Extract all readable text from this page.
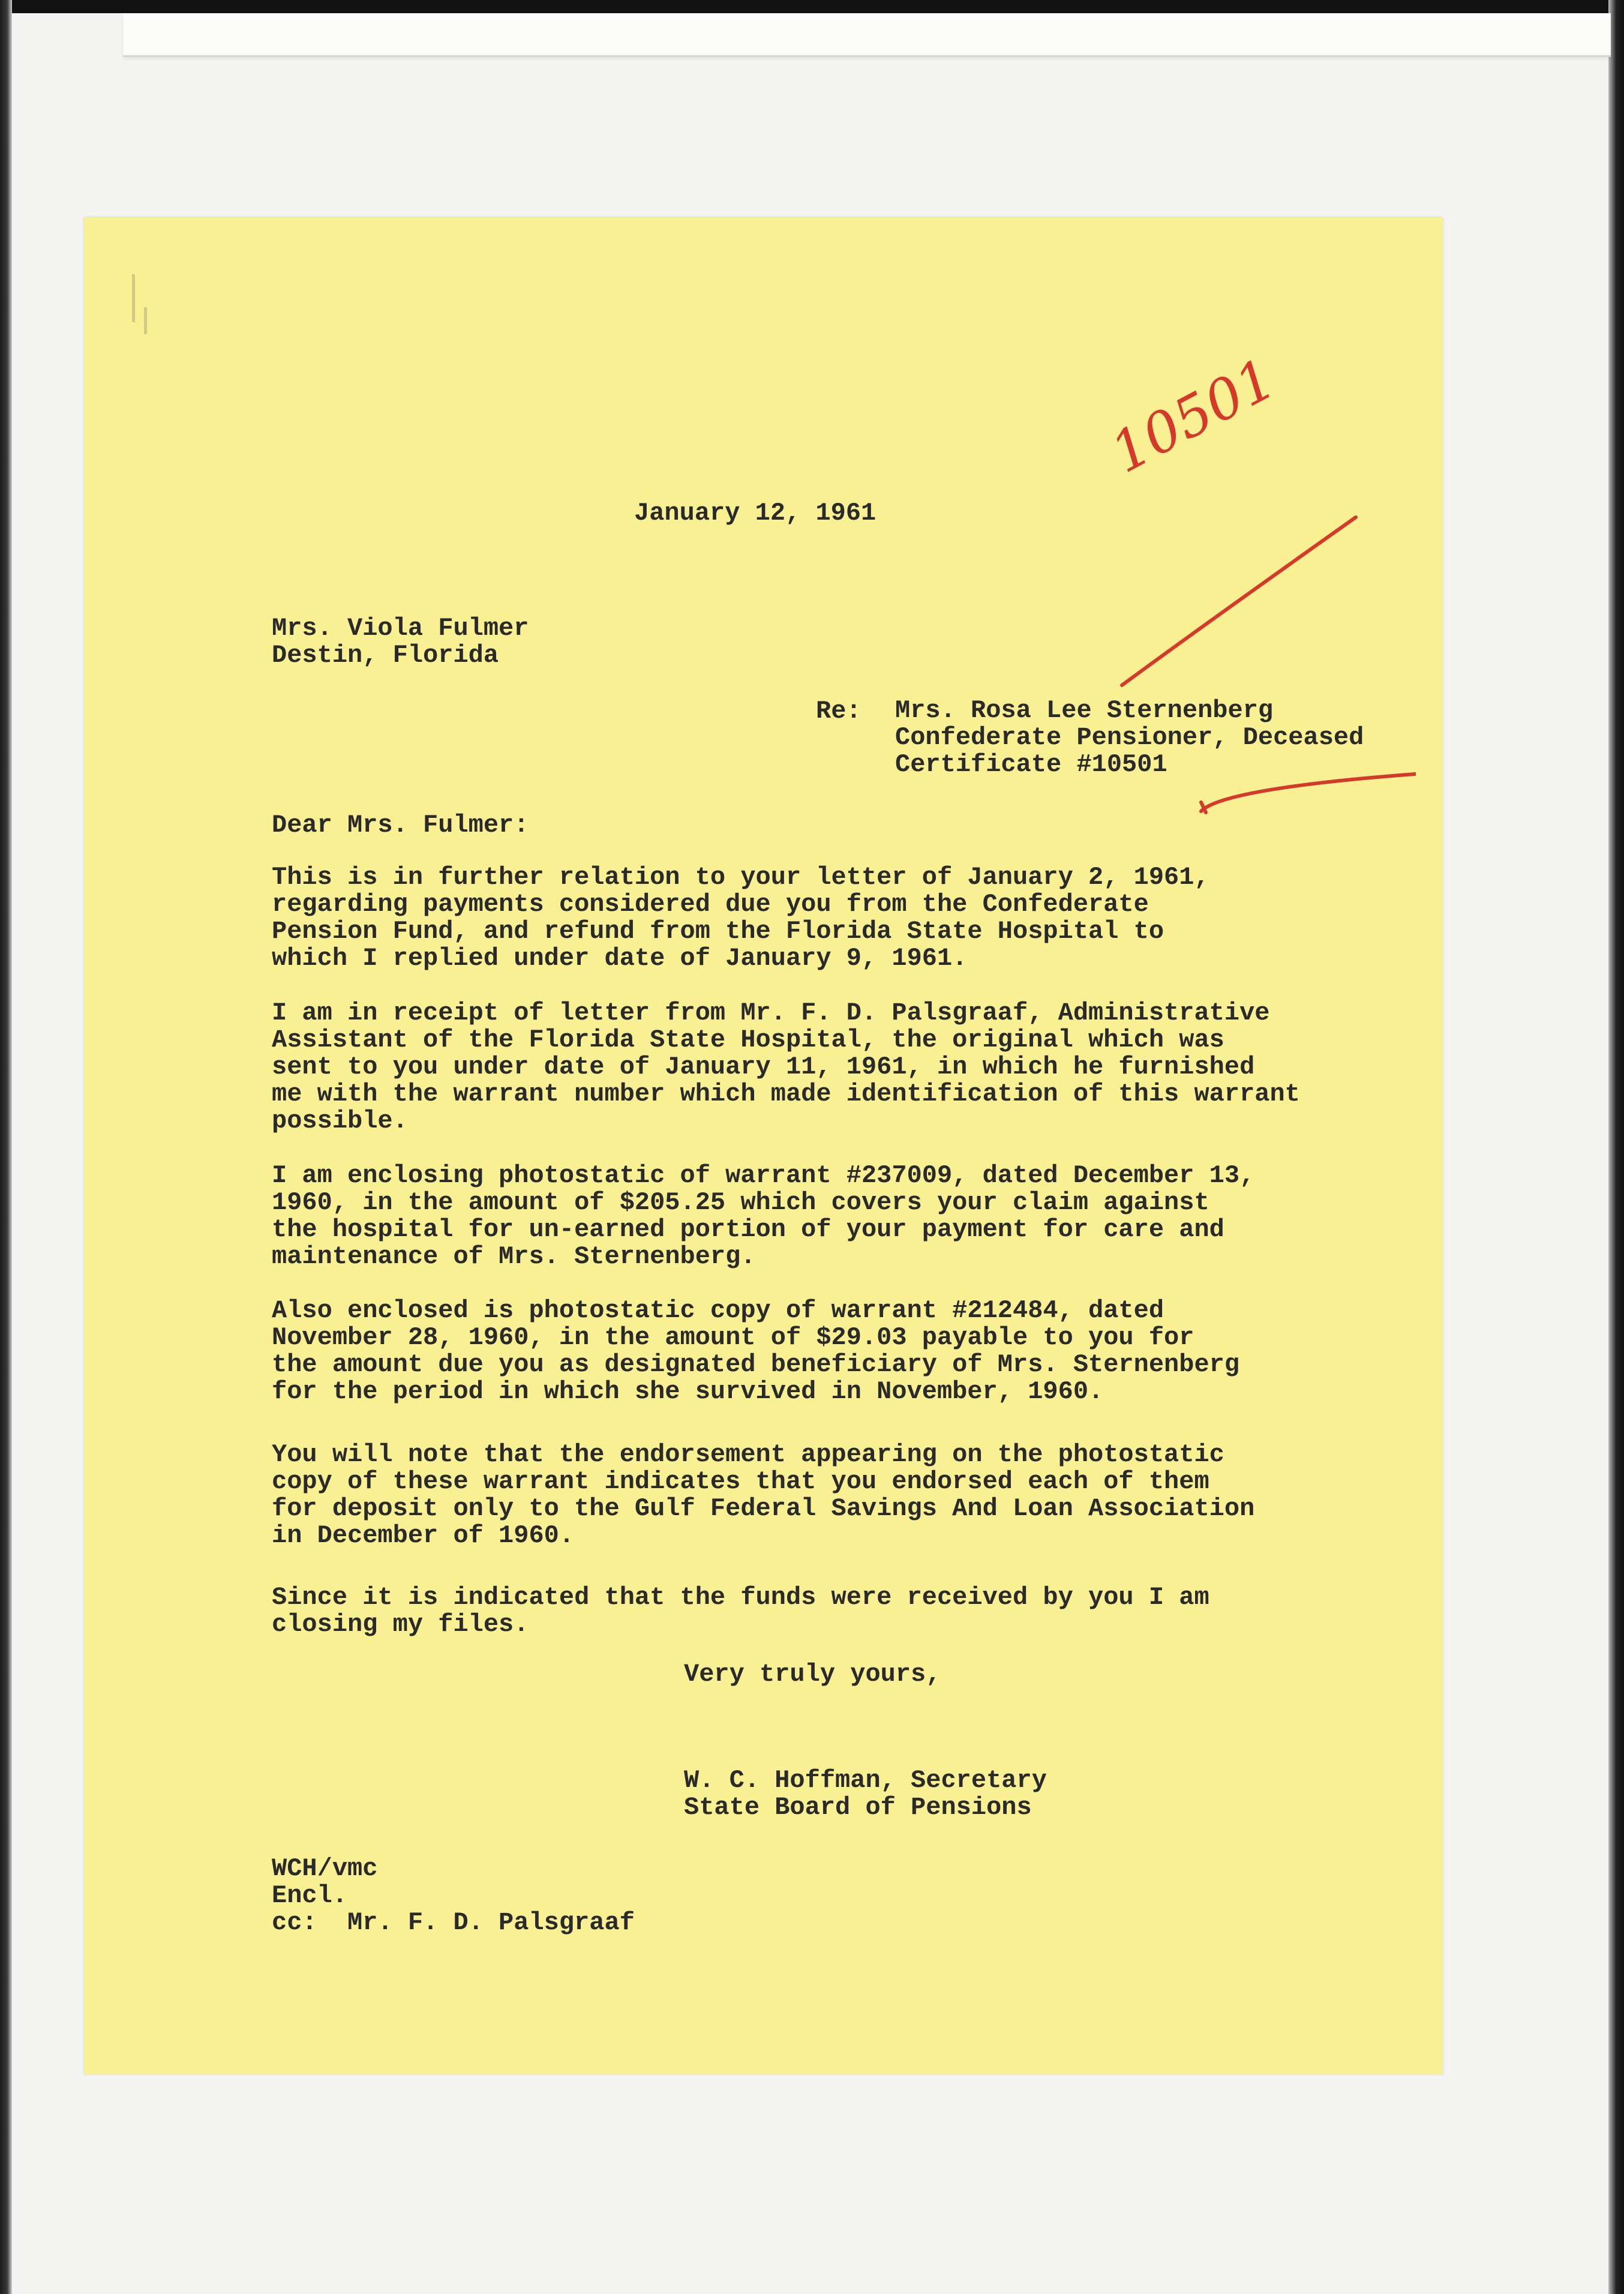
10501

January 12, 1961

Mrs. Viola Fulmer
Destin, Florida

Re: Mrs. Rosa Lee Sternenberg
Confederate Pensioner, Deceased
Certificate #10501

Dear Mrs. Fulmer:

This is in further relation to your letter of January 2, 1961,
regarding payments considered due you from the Confederate
Pension Fund, and refund from the Florida State Hospital to
which I replied under date of January 9, 1961.
I am in receipt of letter from Mr. F. D. Palsgraaf, Administrative
Assistant of the Florida State Hospital, the original which was
sent to you under date of January 11, 1961, in which he furnished
me with the warrant number which made identification of this warrant
possible.
I am enclosing photostatic of warrant #237009, dated December 13,
1960, in the amount of $205.25 which covers your claim against
the hospital for un-earned portion of your payment for care and
maintenance of Mrs. Sternenberg.
Also enclosed is photostatic copy of warrant #212484, dated
November 28, 1960, in the amount of $29.03 payable to you for
the amount due you as designated beneficiary of Mrs. Sternenberg
for the period in which she survived in November, 1960.
You will note that the endorsement appearing on the photostatic
copy of these warrant indicates that you endorsed each of them
for deposit only to the Gulf Federal Savings And Loan Association
in December of 1960.
Since it is indicated that the funds were received by you I am
closing my files.

Very truly yours,

W. C. Hoffman, Secretary
State Board of Pensions
WCH/vmc
Encl.
cc:  Mr. F. D. Palsgraaf
